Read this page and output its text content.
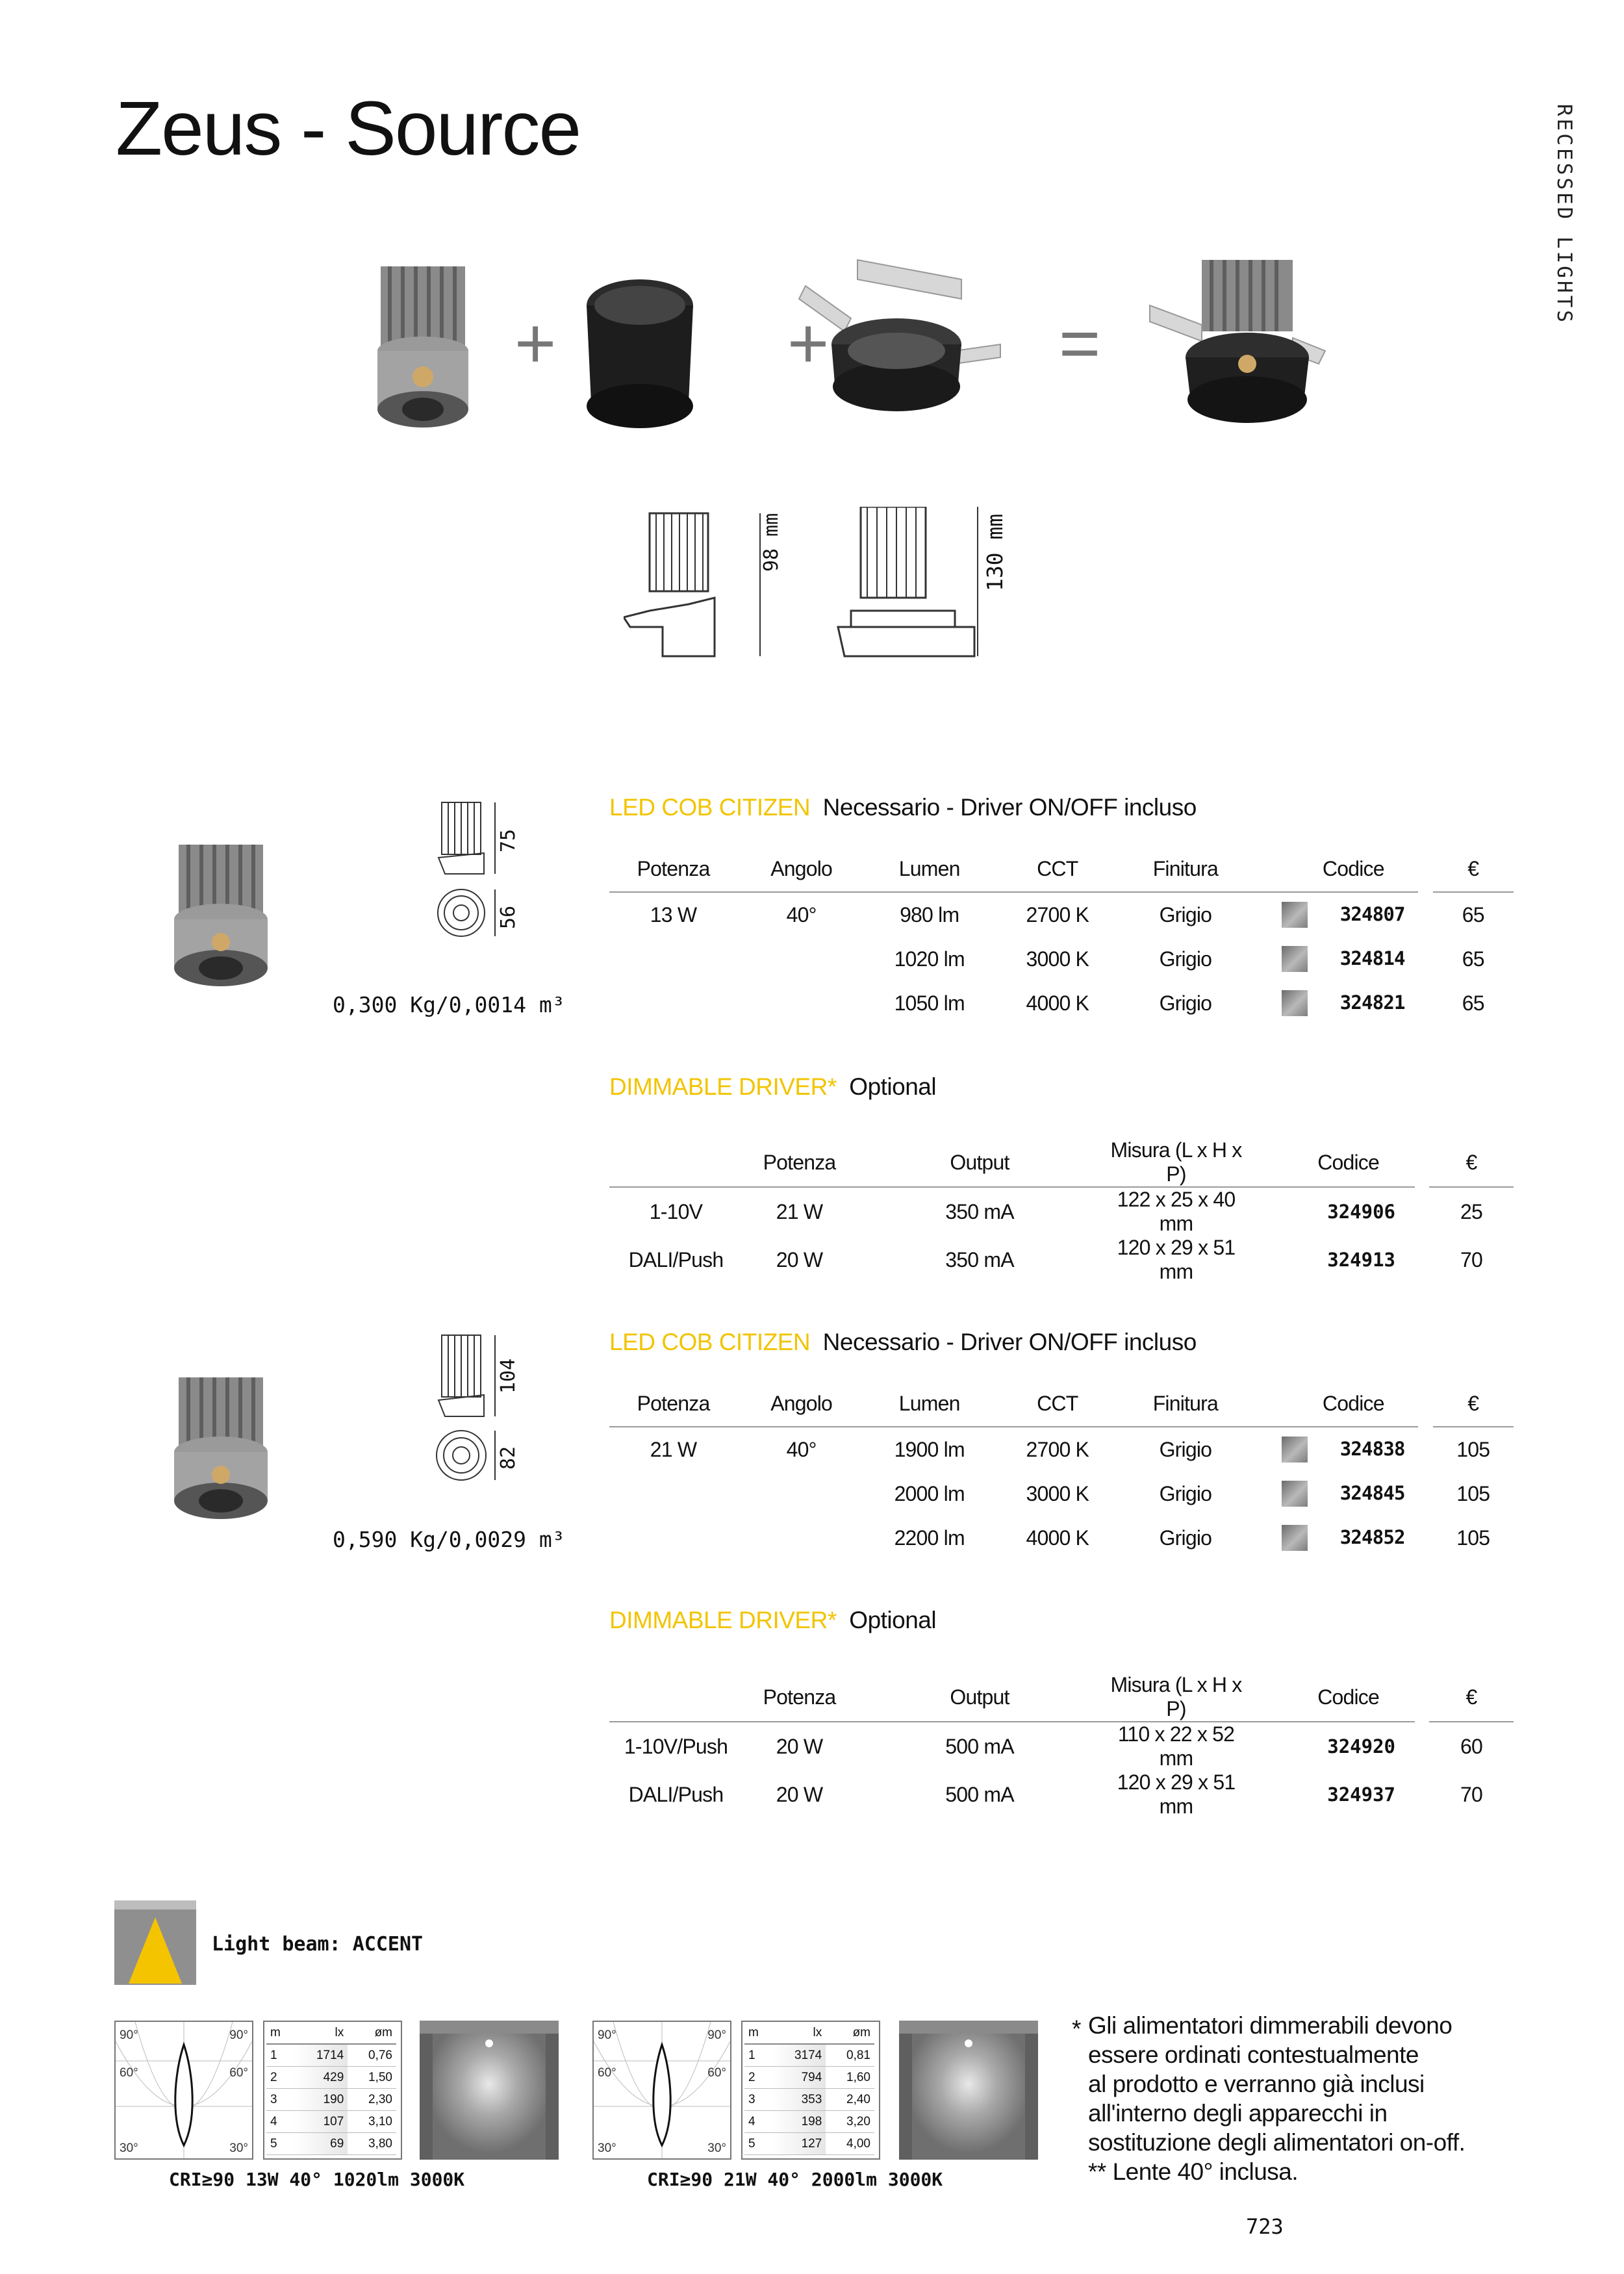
Zeus - Source	RECESSED LIGHTS
+	+	=
98 mm	130 mm
75
56
0,300 Kg/0,0014 m³
LED COB CITIZEN Necessario - Driver ON/OFF incluso
Potenza	Angolo	Lumen	CCT	Finitura	Codice		€
13 W	40°	980 lm	2700 K	Grigio	324807		65
		1020 lm	3000 K	Grigio	324814		65
		1050 lm	4000 K	Grigio	324821		65
DIMMABLE DRIVER* Optional
	Potenza	Output	Misura (L x H x P)	Codice		€
1-10V	21 W	350 mA	122 x 25 x 40 mm	324906		25
DALI/Push	20 W	350 mA	120 x 29 x 51 mm	324913		70
104
82
0,590 Kg/0,0029 m³
LED COB CITIZEN Necessario - Driver ON/OFF incluso
Potenza	Angolo	Lumen	CCT	Finitura	Codice		€
21 W	40°	1900 lm	2700 K	Grigio	324838		105
		2000 lm	3000 K	Grigio	324845		105
		2200 lm	4000 K	Grigio	324852		105
DIMMABLE DRIVER* Optional
	Potenza	Output	Misura (L x H x P)	Codice		€
1-10V/Push	20 W	500 mA	110 x 22 x 52 mm	324920		60
DALI/Push	20 W	500 mA	120 x 29 x 51 mm	324937		70
Light beam: ACCENT
90°	90°
60°	60°
30°	30°
m	lx	øm
1	1714	0,76
2	429	1,50
3	190	2,30
4	107	3,10
5	69	3,80
CRI≥90 13W 40° 1020lm 3000K
90°	90°
60°	60°
30°	30°
m	lx	øm
1	3174	0,81
2	794	1,60
3	353	2,40
4	198	3,20
5	127	4,00
CRI≥90 21W 40° 2000lm 3000K
* Gli alimentatori dimmerabili devono
essere ordinati contestualmente
al prodotto e verranno già inclusi
all'interno degli apparecchi in
sostituzione degli alimentatori on-off.
** Lente 40° inclusa.
723
